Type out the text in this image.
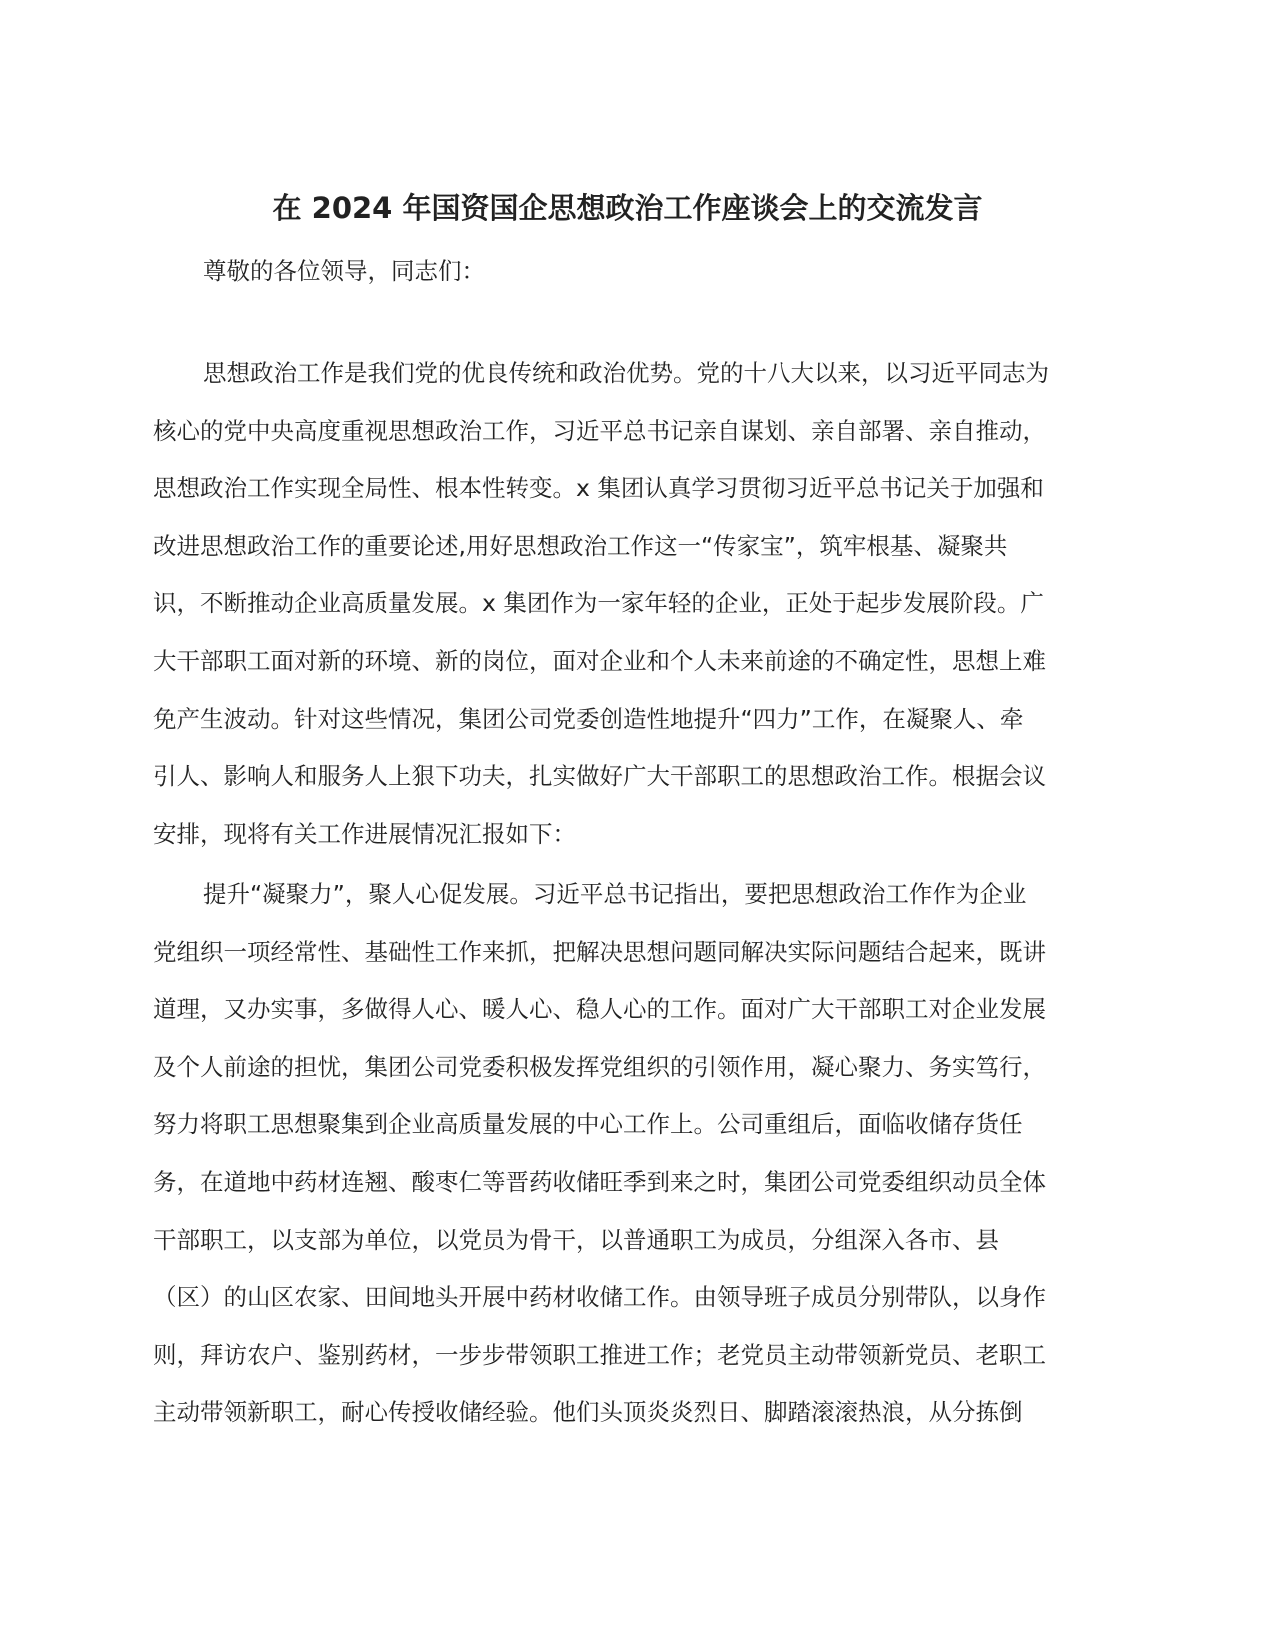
在 2024 年国资国企思想政治工作座谈会上的交流发言
尊敬的各位领导，同志们：
思想政治工作是我们党的优良传统和政治优势。党的十八大以来，以习近平同志为
核心的党中央高度重视思想政治工作，习近平总书记亲自谋划、亲自部署、亲自推动，
思想政治工作实现全局性、根本性转变。x 集团认真学习贯彻习近平总书记关于加强和
改进思想政治工作的重要论述,用好思想政治工作这一“传家宝”，筑牢根基、凝聚共
识，不断推动企业高质量发展。x 集团作为一家年轻的企业，正处于起步发展阶段。广
大干部职工面对新的环境、新的岗位，面对企业和个人未来前途的不确定性，思想上难
免产生波动。针对这些情况，集团公司党委创造性地提升“四力”工作，在凝聚人、牵
引人、影响人和服务人上狠下功夫，扎实做好广大干部职工的思想政治工作。根据会议
安排，现将有关工作进展情况汇报如下：
提升“凝聚力”，聚人心促发展。习近平总书记指出，要把思想政治工作作为企业
党组织一项经常性、基础性工作来抓，把解决思想问题同解决实际问题结合起来，既讲
道理，又办实事，多做得人心、暖人心、稳人心的工作。面对广大干部职工对企业发展
及个人前途的担忧，集团公司党委积极发挥党组织的引领作用，凝心聚力、务实笃行，
努力将职工思想聚集到企业高质量发展的中心工作上。公司重组后，面临收储存货任
务，在道地中药材连翘、酸枣仁等晋药收储旺季到来之时，集团公司党委组织动员全体
干部职工，以支部为单位，以党员为骨干，以普通职工为成员，分组深入各市、县
（区）的山区农家、田间地头开展中药材收储工作。由领导班子成员分别带队，以身作
则，拜访农户、鉴别药材，一步步带领职工推进工作；老党员主动带领新党员、老职工
主动带领新职工，耐心传授收储经验。他们头顶炎炎烈日、脚踏滚滚热浪，从分拣倒
